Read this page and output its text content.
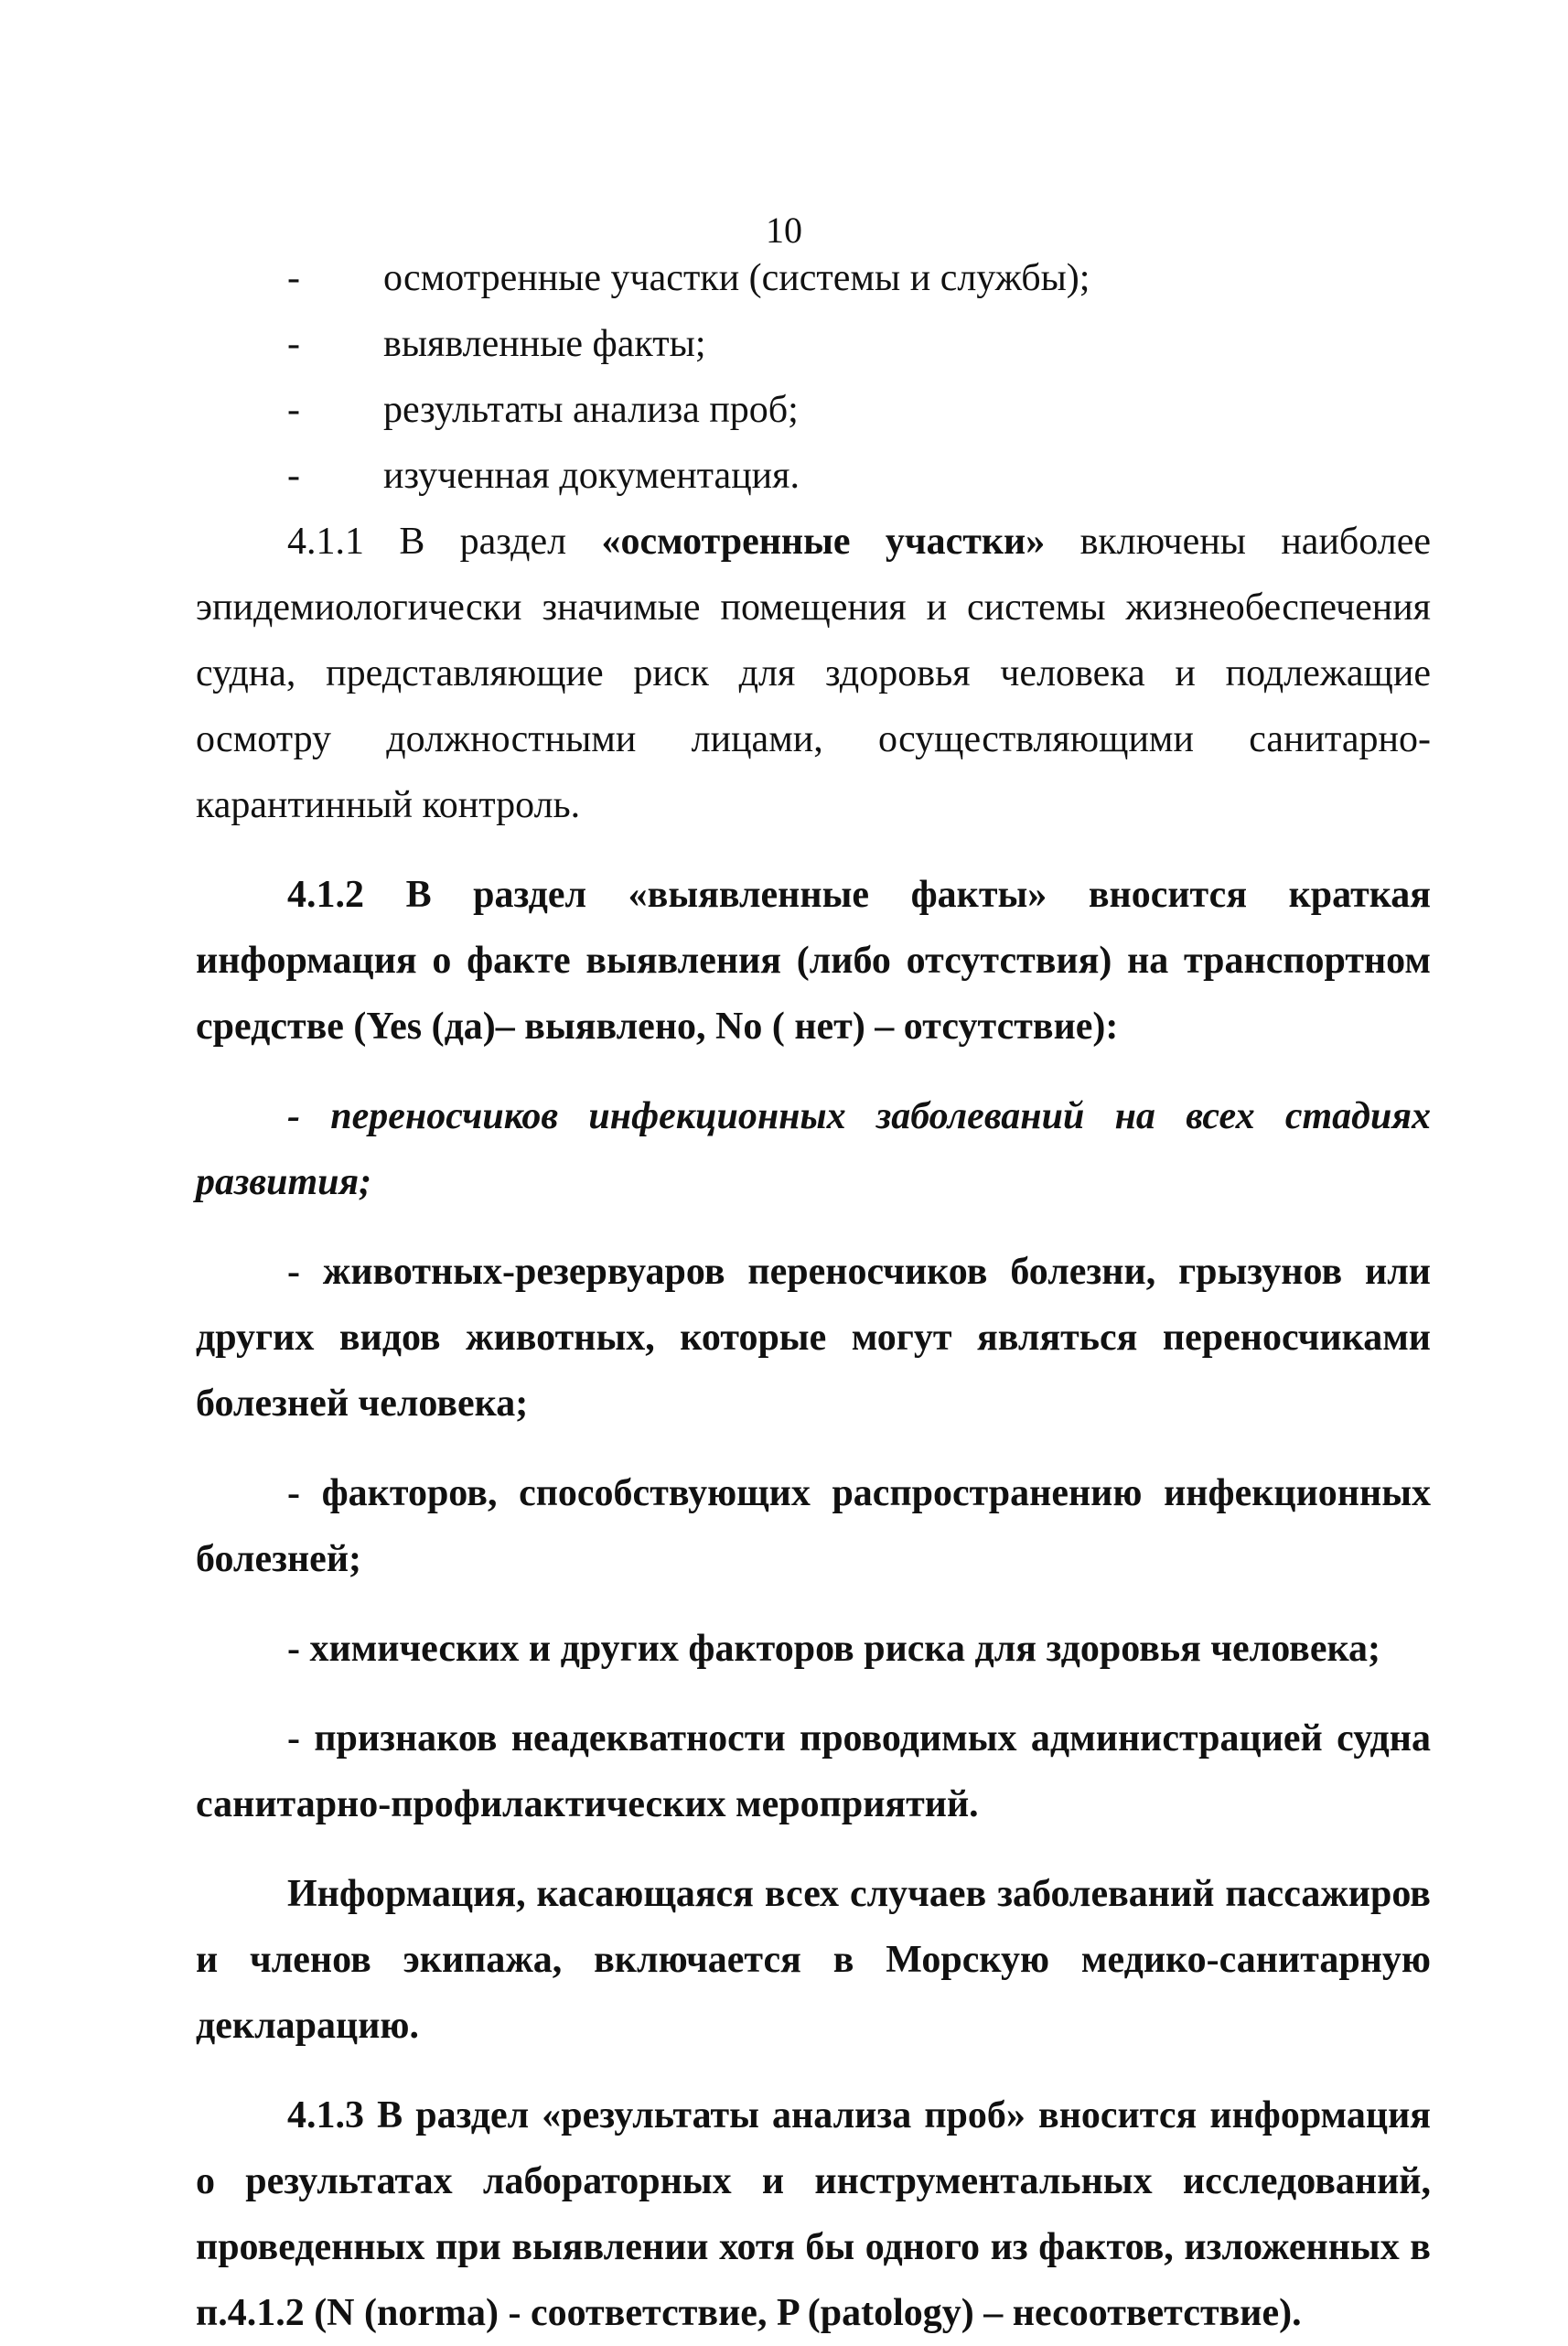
10
- осмотренные участки (системы и службы);
- выявленные факты;
- результаты анализа проб;
- изученная документация.

4.1.1 В раздел «осмотренные участки» включены наиболее эпидемиологически значимые помещения и системы жизнеобеспечения судна, представляющие риск для здоровья человека и подлежащие осмотру должностными лицами, осуществляющими санитарно-карантинный контроль.

4.1.2 В раздел «выявленные факты» вносится краткая информация о факте выявления (либо отсутствия) на транспортном средстве (Yes (да)– выявлено, No ( нет) – отсутствие):

- переносчиков инфекционных заболеваний на всех стадиях развития;

- животных-резервуаров переносчиков болезни, грызунов или других видов животных, которые могут являться переносчиками болезней человека;

- факторов, способствующих распространению инфекционных болезней;

- химических и других факторов риска для здоровья человека;

- признаков неадекватности проводимых администрацией судна санитарно-профилактических мероприятий.

Информация, касающаяся всех случаев заболеваний пассажиров и членов экипажа, включается в Морскую медико-санитарную декларацию.

4.1.3 В раздел «результаты анализа проб» вносится информация о результатах лабораторных и инструментальных исследований, проведенных при выявлении хотя бы одного из фактов, изложенных в п.4.1.2 (N (norma) - соответствие, P (patology) – несоответствие).
